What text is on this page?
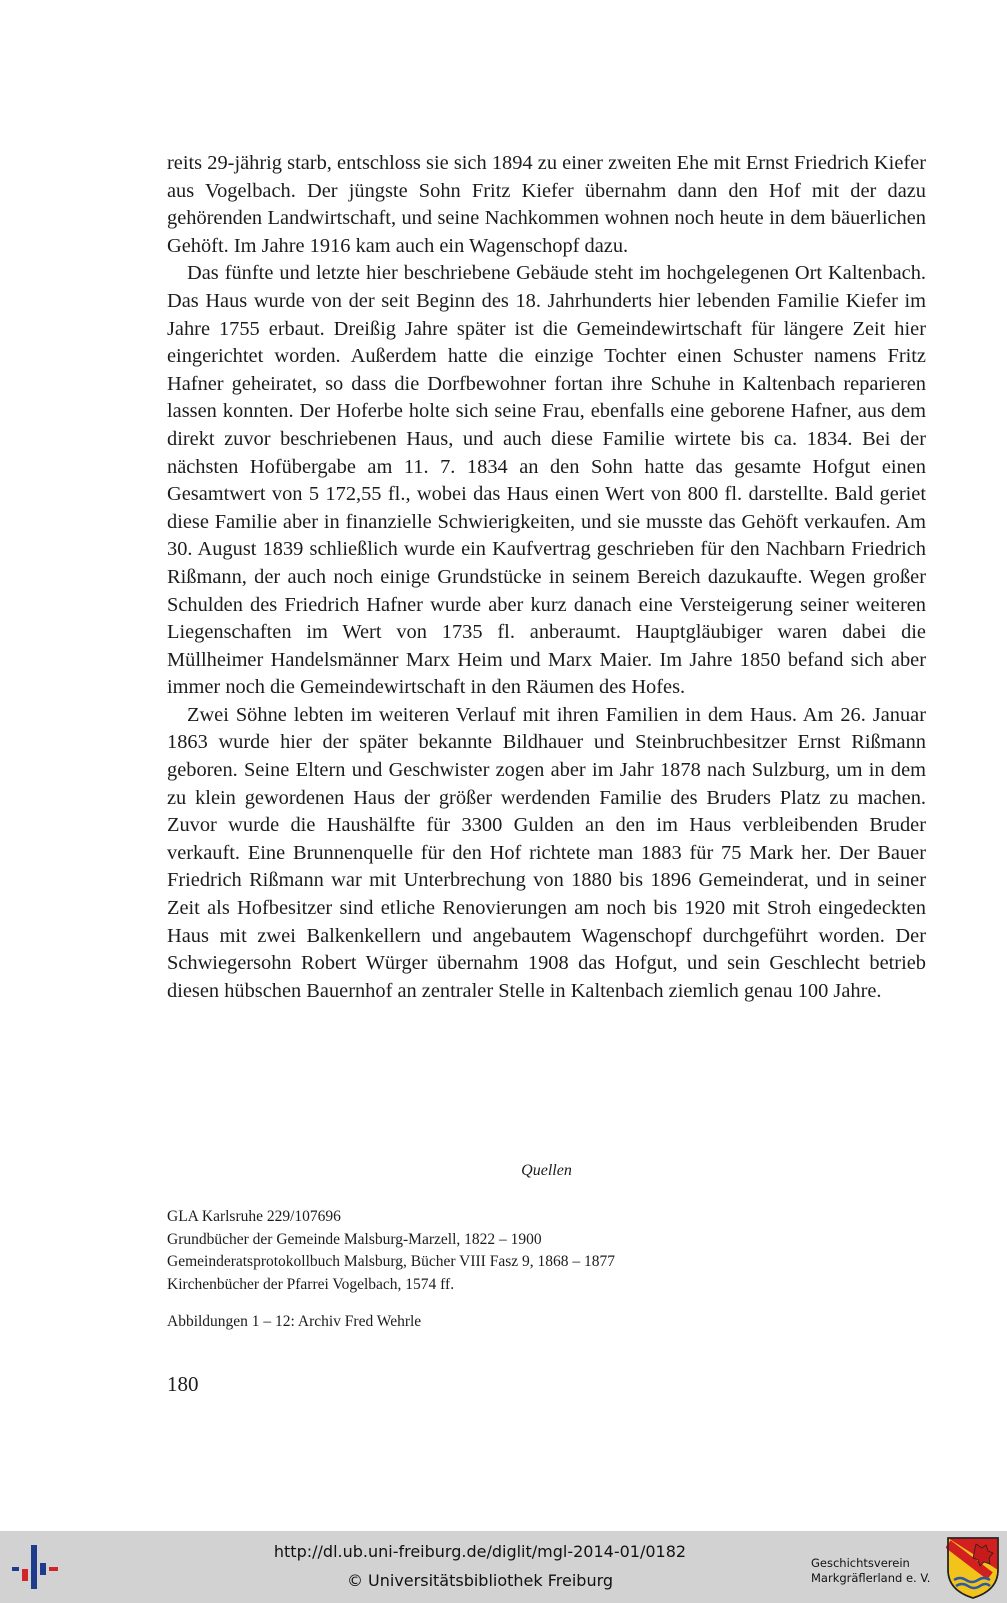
reits 29-jährig starb, entschloss sie sich 1894 zu einer zweiten Ehe mit Ernst Friedrich Kiefer aus Vogelbach. Der jüngste Sohn Fritz Kiefer übernahm dann den Hof mit der dazu gehörenden Landwirtschaft, und seine Nachkommen wohnen noch heute in dem bäuerlichen Gehöft. Im Jahre 1916 kam auch ein Wagenschopf dazu.

Das fünfte und letzte hier beschriebene Gebäude steht im hochgelegenen Ort Kaltenbach. Das Haus wurde von der seit Beginn des 18. Jahrhunderts hier lebenden Familie Kiefer im Jahre 1755 erbaut. Dreißig Jahre später ist die Gemeindewirtschaft für längere Zeit hier eingerichtet worden. Außerdem hatte die einzige Tochter einen Schuster namens Fritz Hafner geheiratet, so dass die Dorfbewohner fortan ihre Schuhe in Kaltenbach reparieren lassen konnten. Der Hoferbe holte sich seine Frau, ebenfalls eine geborene Hafner, aus dem direkt zuvor beschriebenen Haus, und auch diese Familie wirtete bis ca. 1834. Bei der nächsten Hofübergabe am 11. 7. 1834 an den Sohn hatte das gesamte Hofgut einen Gesamtwert von 5 172,55 fl., wobei das Haus einen Wert von 800 fl. darstellte. Bald geriet diese Familie aber in finanzielle Schwierigkeiten, und sie musste das Gehöft verkaufen. Am 30. August 1839 schließlich wurde ein Kaufvertrag geschrieben für den Nachbarn Friedrich Rißmann, der auch noch einige Grundstücke in seinem Bereich dazukaufte. Wegen großer Schulden des Friedrich Hafner wurde aber kurz danach eine Versteigerung seiner weiteren Liegenschaften im Wert von 1735 fl. anberaumt. Hauptgläubiger waren dabei die Müllheimer Handelsmänner Marx Heim und Marx Maier. Im Jahre 1850 befand sich aber immer noch die Gemeindewirtschaft in den Räumen des Hofes.

Zwei Söhne lebten im weiteren Verlauf mit ihren Familien in dem Haus. Am 26. Januar 1863 wurde hier der später bekannte Bildhauer und Steinbruchbesitzer Ernst Rißmann geboren. Seine Eltern und Geschwister zogen aber im Jahr 1878 nach Sulzburg, um in dem zu klein gewordenen Haus der größer werdenden Familie des Bruders Platz zu machen. Zuvor wurde die Haushälfte für 3300 Gulden an den im Haus verbleibenden Bruder verkauft. Eine Brunnenquelle für den Hof richtete man 1883 für 75 Mark her. Der Bauer Friedrich Rißmann war mit Unterbrechung von 1880 bis 1896 Gemeinderat, und in seiner Zeit als Hofbesitzer sind etliche Renovierungen am noch bis 1920 mit Stroh eingedeckten Haus mit zwei Balkenkellern und angebautem Wagenschopf durchgeführt worden. Der Schwiegersohn Robert Würger übernahm 1908 das Hofgut, und sein Geschlecht betrieb diesen hübschen Bauernhof an zentraler Stelle in Kaltenbach ziemlich genau 100 Jahre.

Quellen

GLA Karlsruhe 229/107696
Grundbücher der Gemeinde Malsburg-Marzell, 1822 – 1900
Gemeinderatsprotokollbuch Malsburg, Bücher VIII Fasz 9, 1868 – 1877
Kirchenbücher der Pfarrei Vogelbach, 1574 ff.

Abbildungen 1 – 12: Archiv Fred Wehrle

180
http://dl.ub.uni-freiburg.de/diglit/mgl-2014-01/0182
© Universitätsbibliothek Freiburg
Geschichtsverein
Markgräflerland e. V.
